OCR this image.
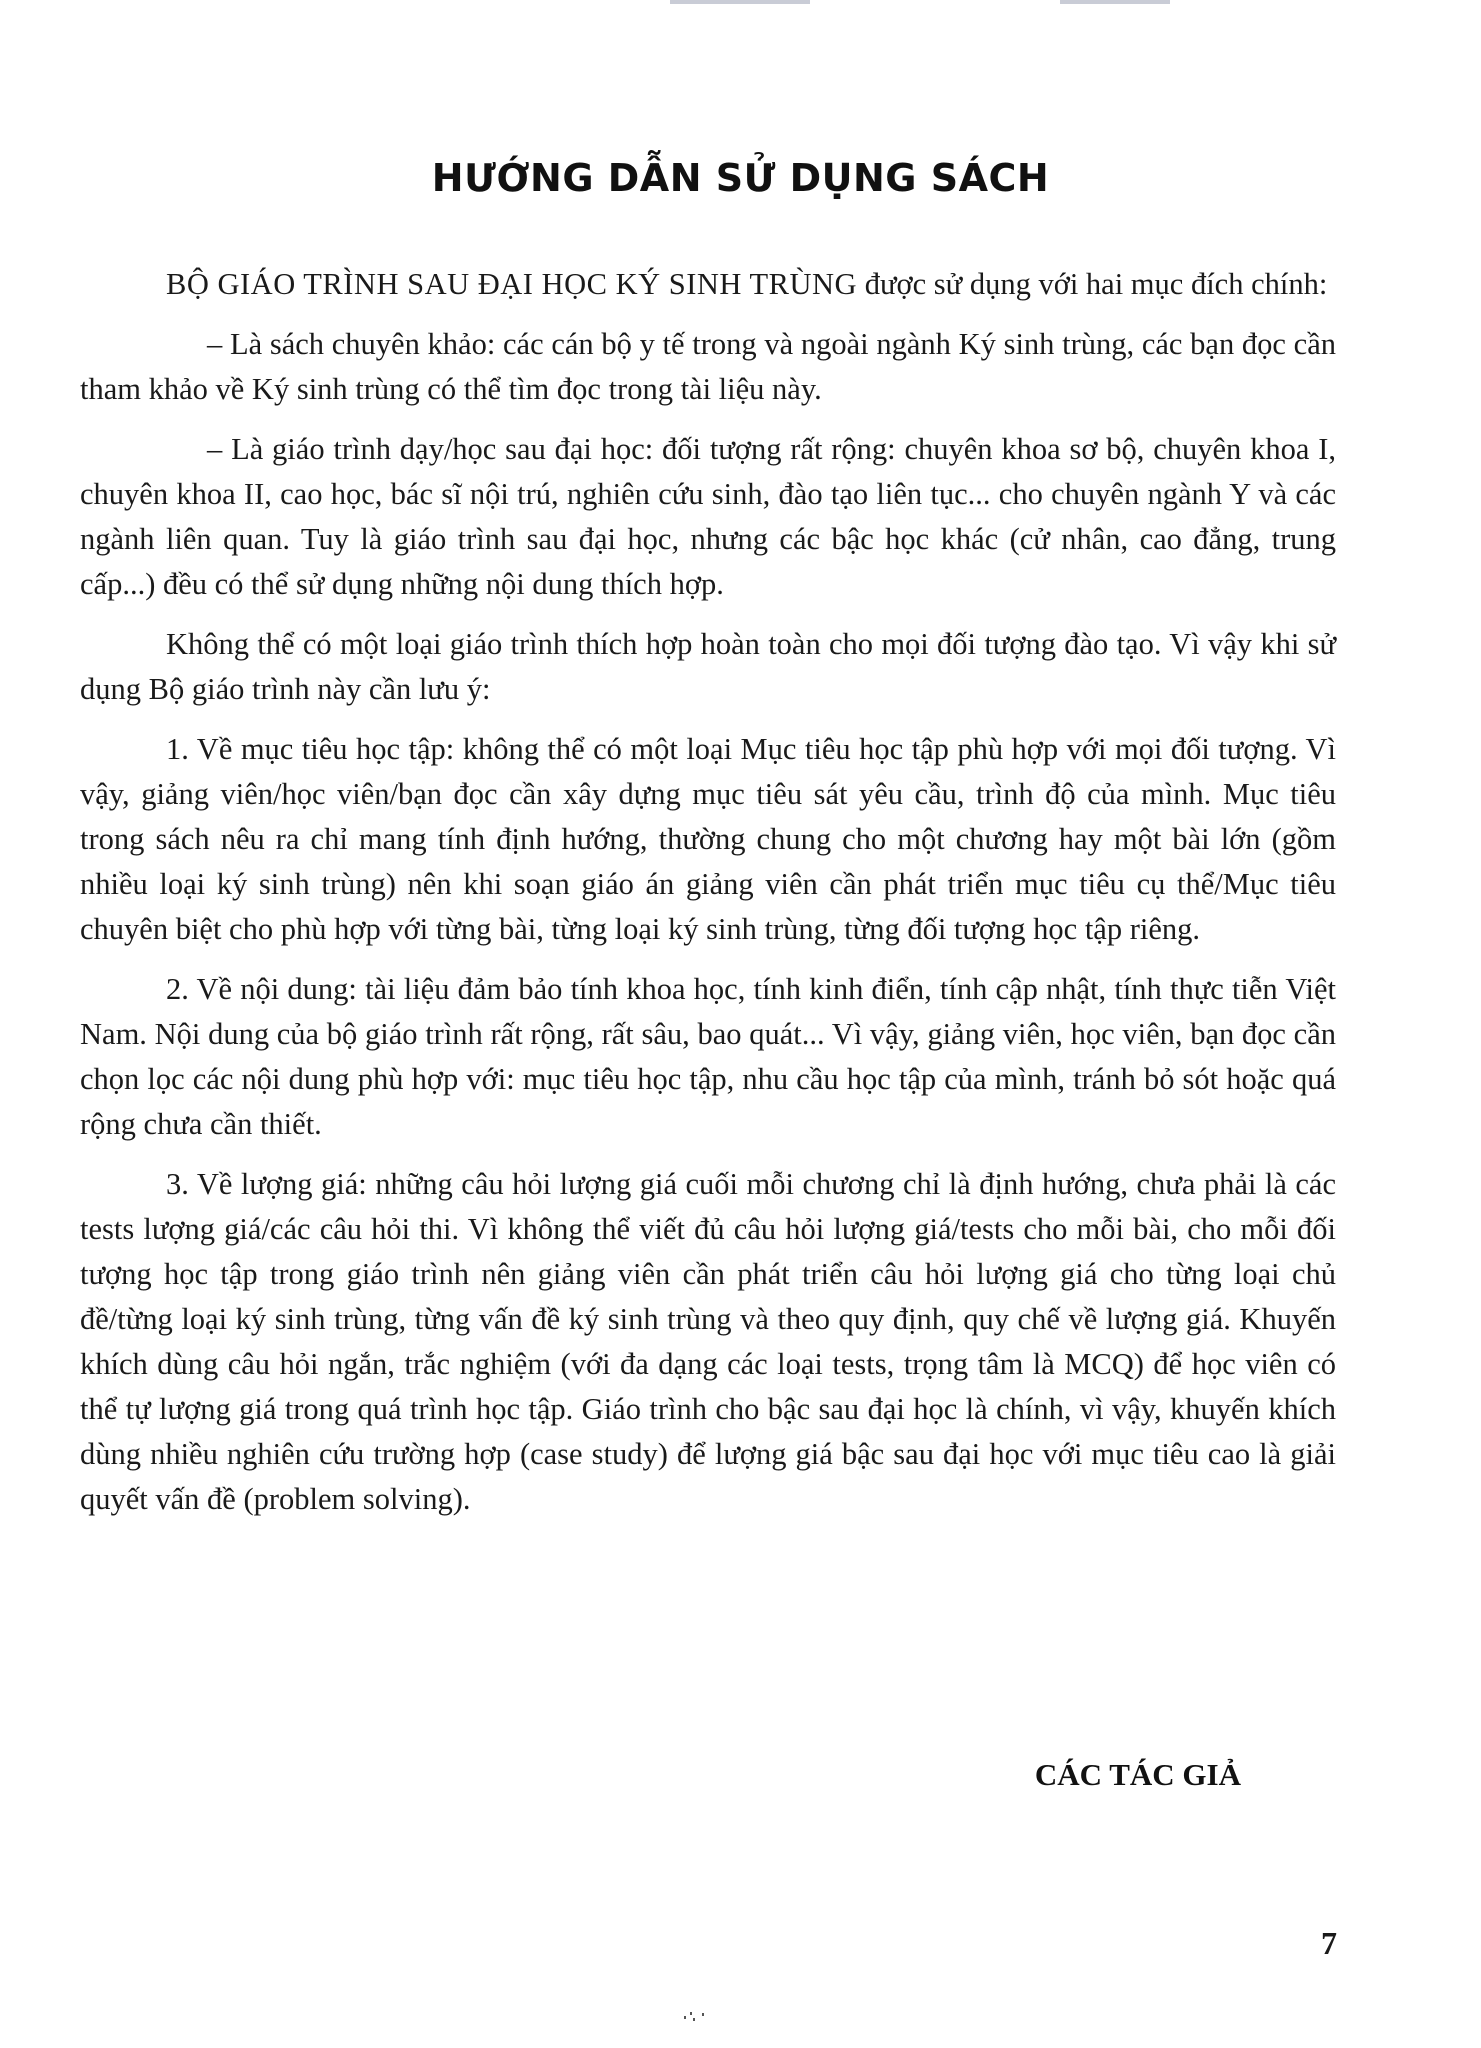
HƯỚNG DẪN SỬ DỤNG SÁCH

BỘ GIÁO TRÌNH SAU ĐẠI HỌC KÝ SINH TRÙNG được sử dụng với hai mục đích chính:

– Là sách chuyên khảo: các cán bộ y tế trong và ngoài ngành Ký sinh trùng, các bạn đọc cần tham khảo về Ký sinh trùng có thể tìm đọc trong tài liệu này.

– Là giáo trình dạy/học sau đại học: đối tượng rất rộng: chuyên khoa sơ bộ, chuyên khoa I, chuyên khoa II, cao học, bác sĩ nội trú, nghiên cứu sinh, đào tạo liên tục... cho chuyên ngành Y và các ngành liên quan. Tuy là giáo trình sau đại học, nhưng các bậc học khác (cử nhân, cao đẳng, trung cấp...) đều có thể sử dụng những nội dung thích hợp.

Không thể có một loại giáo trình thích hợp hoàn toàn cho mọi đối tượng đào tạo. Vì vậy khi sử dụng Bộ giáo trình này cần lưu ý:

1. Về mục tiêu học tập: không thể có một loại Mục tiêu học tập phù hợp với mọi đối tượng. Vì vậy, giảng viên/học viên/bạn đọc cần xây dựng mục tiêu sát yêu cầu, trình độ của mình. Mục tiêu trong sách nêu ra chỉ mang tính định hướng, thường chung cho một chương hay một bài lớn (gồm nhiều loại ký sinh trùng) nên khi soạn giáo án giảng viên cần phát triển mục tiêu cụ thể/Mục tiêu chuyên biệt cho phù hợp với từng bài, từng loại ký sinh trùng, từng đối tượng học tập riêng.

2. Về nội dung: tài liệu đảm bảo tính khoa học, tính kinh điển, tính cập nhật, tính thực tiễn Việt Nam. Nội dung của bộ giáo trình rất rộng, rất sâu, bao quát... Vì vậy, giảng viên, học viên, bạn đọc cần chọn lọc các nội dung phù hợp với: mục tiêu học tập, nhu cầu học tập của mình, tránh bỏ sót hoặc quá rộng chưa cần thiết.

3. Về lượng giá: những câu hỏi lượng giá cuối mỗi chương chỉ là định hướng, chưa phải là các tests lượng giá/các câu hỏi thi. Vì không thể viết đủ câu hỏi lượng giá/tests cho mỗi bài, cho mỗi đối tượng học tập trong giáo trình nên giảng viên cần phát triển câu hỏi lượng giá cho từng loại chủ đề/từng loại ký sinh trùng, từng vấn đề ký sinh trùng và theo quy định, quy chế về lượng giá. Khuyến khích dùng câu hỏi ngắn, trắc nghiệm (với đa dạng các loại tests, trọng tâm là MCQ) để học viên có thể tự lượng giá trong quá trình học tập. Giáo trình cho bậc sau đại học là chính, vì vậy, khuyến khích dùng nhiều nghiên cứu trường hợp (case study) để lượng giá bậc sau đại học với mục tiêu cao là giải quyết vấn đề (problem solving).

CÁC TÁC GIẢ

7
